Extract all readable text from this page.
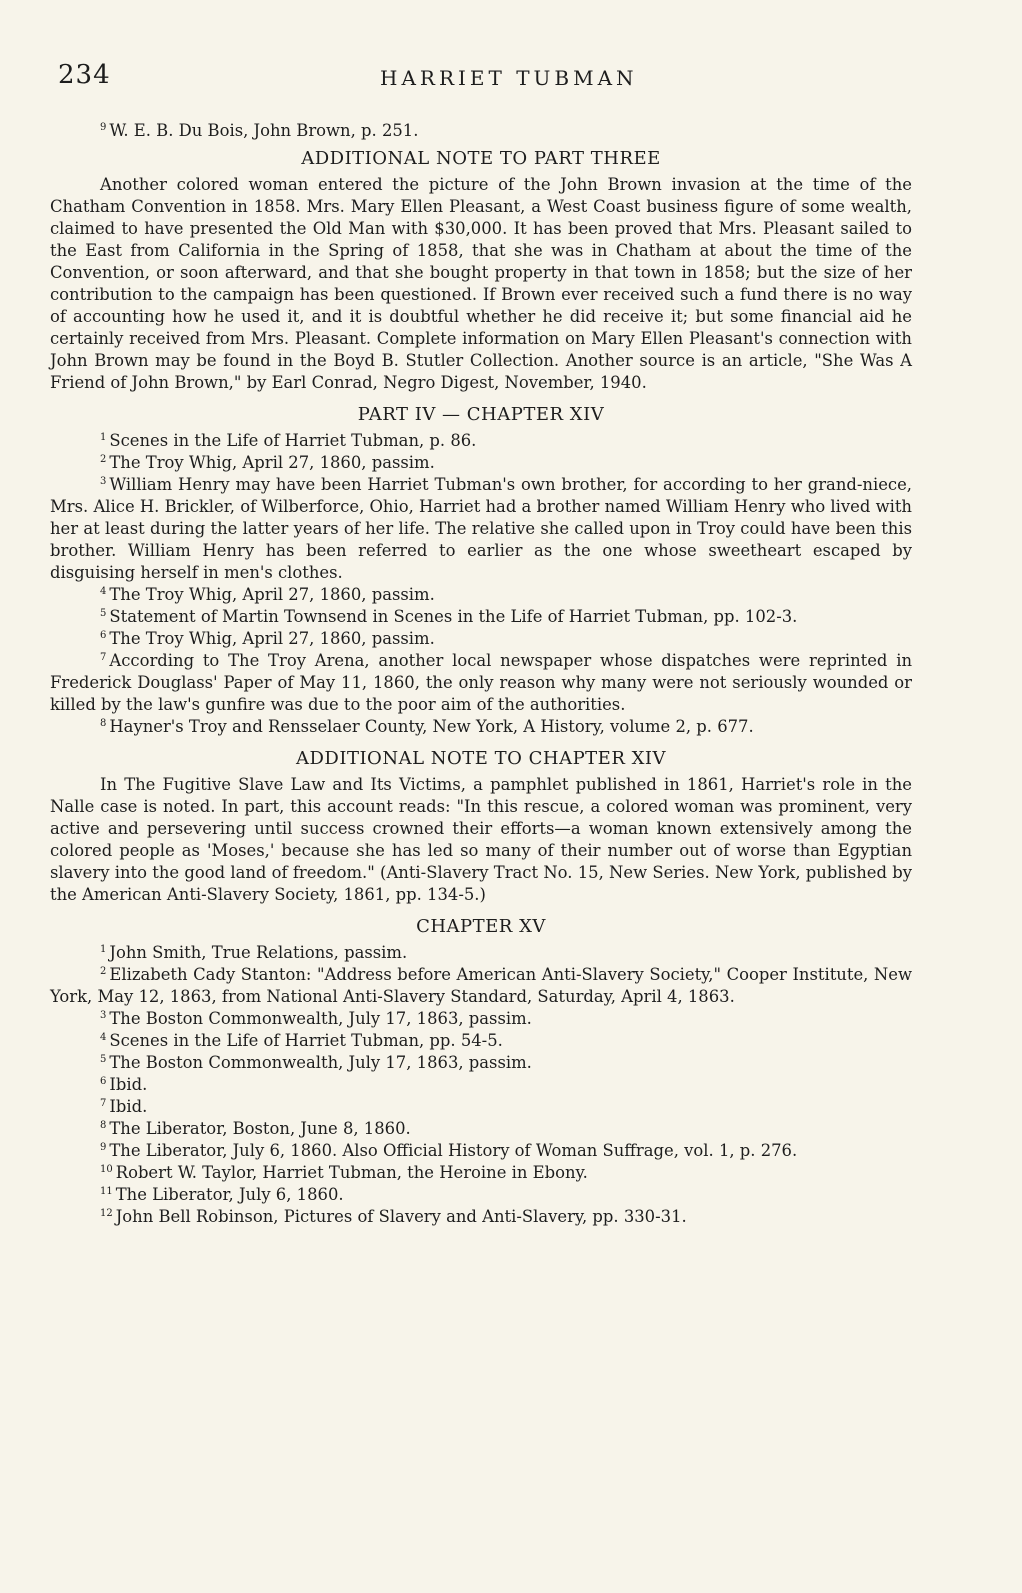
234	HARRIET TUBMAN

$^9$ W. E. B. Du Bois, John Brown, p. 251.

ADDITIONAL NOTE TO PART THREE

Another colored woman entered the picture of the John Brown invasion at the time of the Chatham Convention in 1858. Mrs. Mary Ellen Pleasant, a West Coast business figure of some wealth, claimed to have presented the Old Man with $30,000. It has been proved that Mrs. Pleasant sailed to the East from California in the Spring of 1858, that she was in Chatham at about the time of the Convention, or soon afterward, and that she bought property in that town in 1858; but the size of her contribution to the campaign has been questioned. If Brown ever received such a fund there is no way of accounting how he used it, and it is doubtful whether he did receive it; but some financial aid he certainly received from Mrs. Pleasant. Complete information on Mary Ellen Pleasant's connection with John Brown may be found in the Boyd B. Stutler Collection. Another source is an article, "She Was A Friend of John Brown," by Earl Conrad, Negro Digest, November, 1940.

PART IV — CHAPTER XIV

$^1$ Scenes in the Life of Harriet Tubman, p. 86.

$^2$ The Troy Whig, April 27, 1860, passim.

$^3$ William Henry may have been Harriet Tubman's own brother, for according to her grand-niece, Mrs. Alice H. Brickler, of Wilberforce, Ohio, Harriet had a brother named William Henry who lived with her at least during the latter years of her life. The relative she called upon in Troy could have been this brother. William Henry has been referred to earlier as the one whose sweetheart escaped by disguising herself in men's clothes.

$^4$ The Troy Whig, April 27, 1860, passim.

$^5$ Statement of Martin Townsend in Scenes in the Life of Harriet Tubman, pp. 102-3.

$^6$ The Troy Whig, April 27, 1860, passim.

$^7$ According to The Troy Arena, another local newspaper whose dispatches were reprinted in Frederick Douglass' Paper of May 11, 1860, the only reason why many were not seriously wounded or killed by the law's gunfire was due to the poor aim of the authorities.

$^8$ Hayner's Troy and Rensselaer County, New York, A History, volume 2, p. 677.

ADDITIONAL NOTE TO CHAPTER XIV

In The Fugitive Slave Law and Its Victims, a pamphlet published in 1861, Harriet's role in the Nalle case is noted. In part, this account reads: "In this rescue, a colored woman was prominent, very active and persevering until success crowned their efforts—a woman known extensively among the colored people as 'Moses,' because she has led so many of their number out of worse than Egyptian slavery into the good land of freedom." (Anti-Slavery Tract No. 15, New Series. New York, published by the American Anti-Slavery Society, 1861, pp. 134-5.)

CHAPTER XV

$^1$ John Smith, True Relations, passim.

$^2$ Elizabeth Cady Stanton: "Address before American Anti-Slavery Society," Cooper Institute, New York, May 12, 1863, from National Anti-Slavery Standard, Saturday, April 4, 1863.

$^3$ The Boston Commonwealth, July 17, 1863, passim.

$^4$ Scenes in the Life of Harriet Tubman, pp. 54-5.

$^5$ The Boston Commonwealth, July 17, 1863, passim.

$^6$ Ibid.

$^7$ Ibid.

$^8$ The Liberator, Boston, June 8, 1860.

$^9$ The Liberator, July 6, 1860. Also Official History of Woman Suffrage, vol. 1, p. 276.

$^{10}$ Robert W. Taylor, Harriet Tubman, the Heroine in Ebony.

$^{11}$ The Liberator, July 6, 1860.

$^{12}$ John Bell Robinson, Pictures of Slavery and Anti-Slavery, pp. 330-31.
